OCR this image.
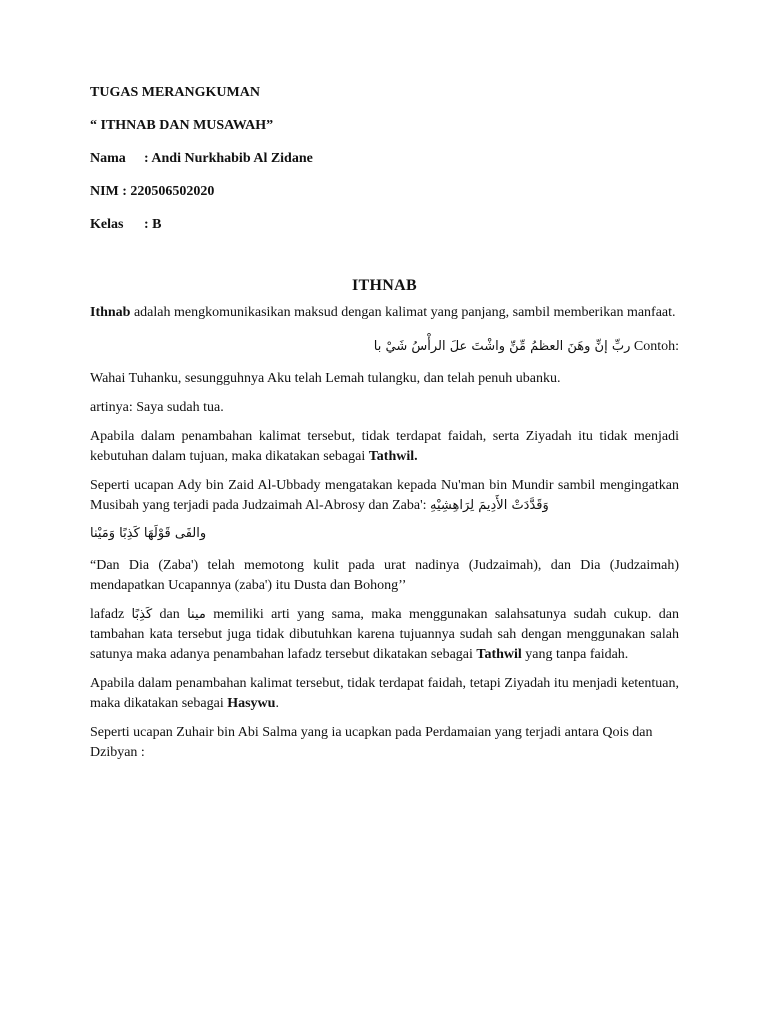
TUGAS MERANGKUMAN
“ ITHNAB DAN MUSAWAH”
Nama : Andi Nurkhabib Al Zidane
NIM : 220506502020
Kelas : B
ITHNAB

Ithnab adalah mengkomunikasikan maksud dengan kalimat yang panjang, sambil memberikan manfaat.

ربِّ إنِّ وهَنَ العظمُ مِّنِّ واشْتَ علَ الرأْسُ شَيْ با Contoh:

Wahai Tuhanku, sesungguhnya Aku telah Lemah tulangku, dan telah penuh ubanku.

artinya: Saya sudah tua.

Apabila dalam penambahan kalimat tersebut, tidak terdapat faidah, serta Ziyadah itu tidak menjadi kebutuhan dalam tujuan, maka dikatakan sebagai Tathwil.

Seperti ucapan Ady bin Zaid Al-Ubbady mengatakan kepada Nu'man bin Mundir sambil mengingatkan Musibah yang terjadi pada Judzaimah Al-Abrosy dan Zaba': وَقَدَّدَتْ الأَدِيمَ لِرَاهِشِيْهِ

والفَى قَوْلَهَا كَذِبًا وَمَيْنا

“Dan Dia (Zaba') telah memotong kulit pada urat nadinya (Judzaimah), dan Dia (Judzaimah) mendapatkan Ucapannya (zaba') itu Dusta dan Bohong’’

lafadz كَذِبًا dan مينا memiliki arti yang sama, maka menggunakan salahsatunya sudah cukup. dan tambahan kata tersebut juga tidak dibutuhkan karena tujuannya sudah sah dengan menggunakan salah satunya maka adanya penambahan lafadz tersebut dikatakan sebagai Tathwil yang tanpa faidah.

Apabila dalam penambahan kalimat tersebut, tidak terdapat faidah, tetapi Ziyadah itu menjadi ketentuan, maka dikatakan sebagai Hasywu.

Seperti ucapan Zuhair bin Abi Salma yang ia ucapkan pada Perdamaian yang terjadi antara Qois dan Dzibyan :
